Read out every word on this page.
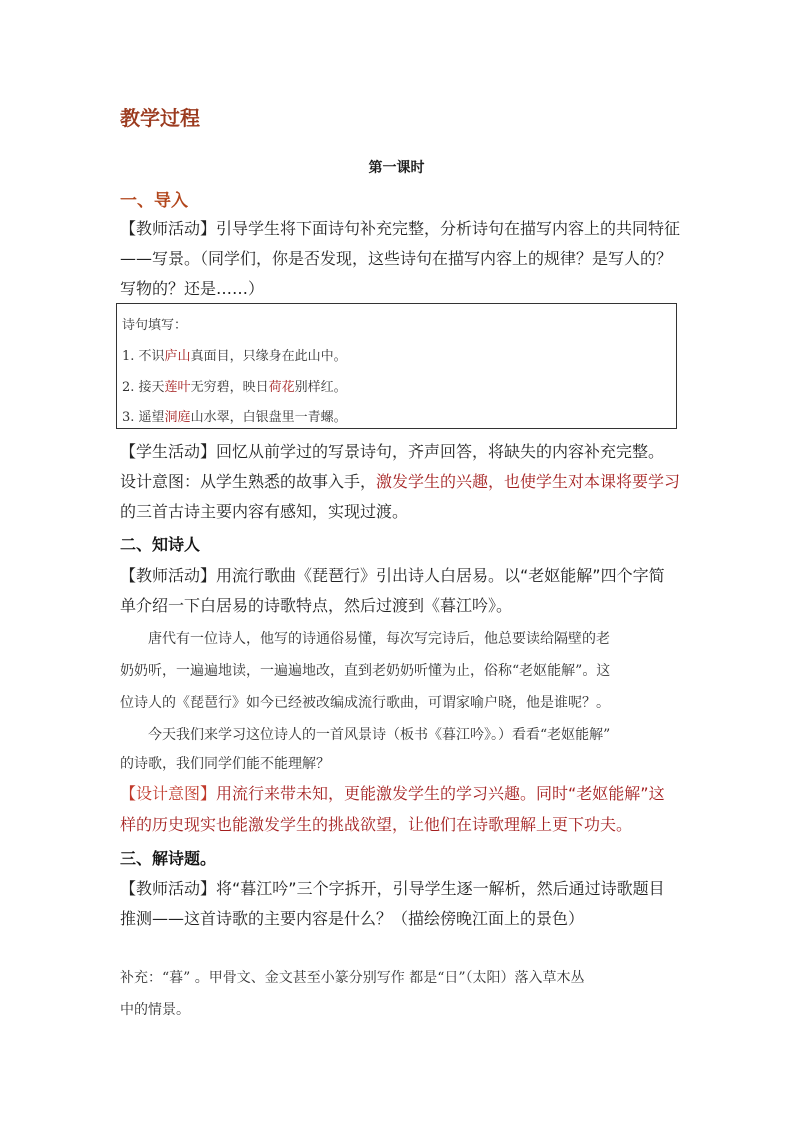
教学过程
第一课时
一、导入
【教师活动】引导学生将下面诗句补充完整，分析诗句在描写内容上的共同特征
——写景。（同学们，你是否发现，这些诗句在描写内容上的规律？是写人的？
写物的？还是……）
诗句填写：
1. 不识庐山真面目，只缘身在此山中。
2. 接天莲叶无穷碧，映日荷花别样红。
3. 遥望洞庭山水翠，白银盘里一青螺。
【学生活动】回忆从前学过的写景诗句，齐声回答，将缺失的内容补充完整。
设计意图：从学生熟悉的故事入手，激发学生的兴趣，也使学生对本课将要学习
的三首古诗主要内容有感知，实现过渡。
二、知诗人
【教师活动】用流行歌曲《琵琶行》引出诗人白居易。以“老妪能解”四个字简
单介绍一下白居易的诗歌特点，然后过渡到《暮江吟》。
唐代有一位诗人，他写的诗通俗易懂，每次写完诗后，他总要读给隔壁的老
奶奶听，一遍遍地读，一遍遍地改，直到老奶奶听懂为止，俗称“老妪能解”。这
位诗人的《琵琶行》如今已经被改编成流行歌曲，可谓家喻户晓，他是谁呢？。
今天我们来学习这位诗人的一首风景诗（板书《暮江吟》。）看看“老妪能解”
的诗歌，我们同学们能不能理解？
【设计意图】用流行来带未知，更能激发学生的学习兴趣。同时“老妪能解”这
样的历史现实也能激发学生的挑战欲望，让他们在诗歌理解上更下功夫。
三、解诗题。
【教师活动】将“暮江吟”三个字拆开，引导学生逐一解析，然后通过诗歌题目
推测——这首诗歌的主要内容是什么？（描绘傍晚江面上的景色）
补充：“暮” 。甲骨文、金文甚至小篆分别写作 都是“日”（太阳）落入草木丛
中的情景。
